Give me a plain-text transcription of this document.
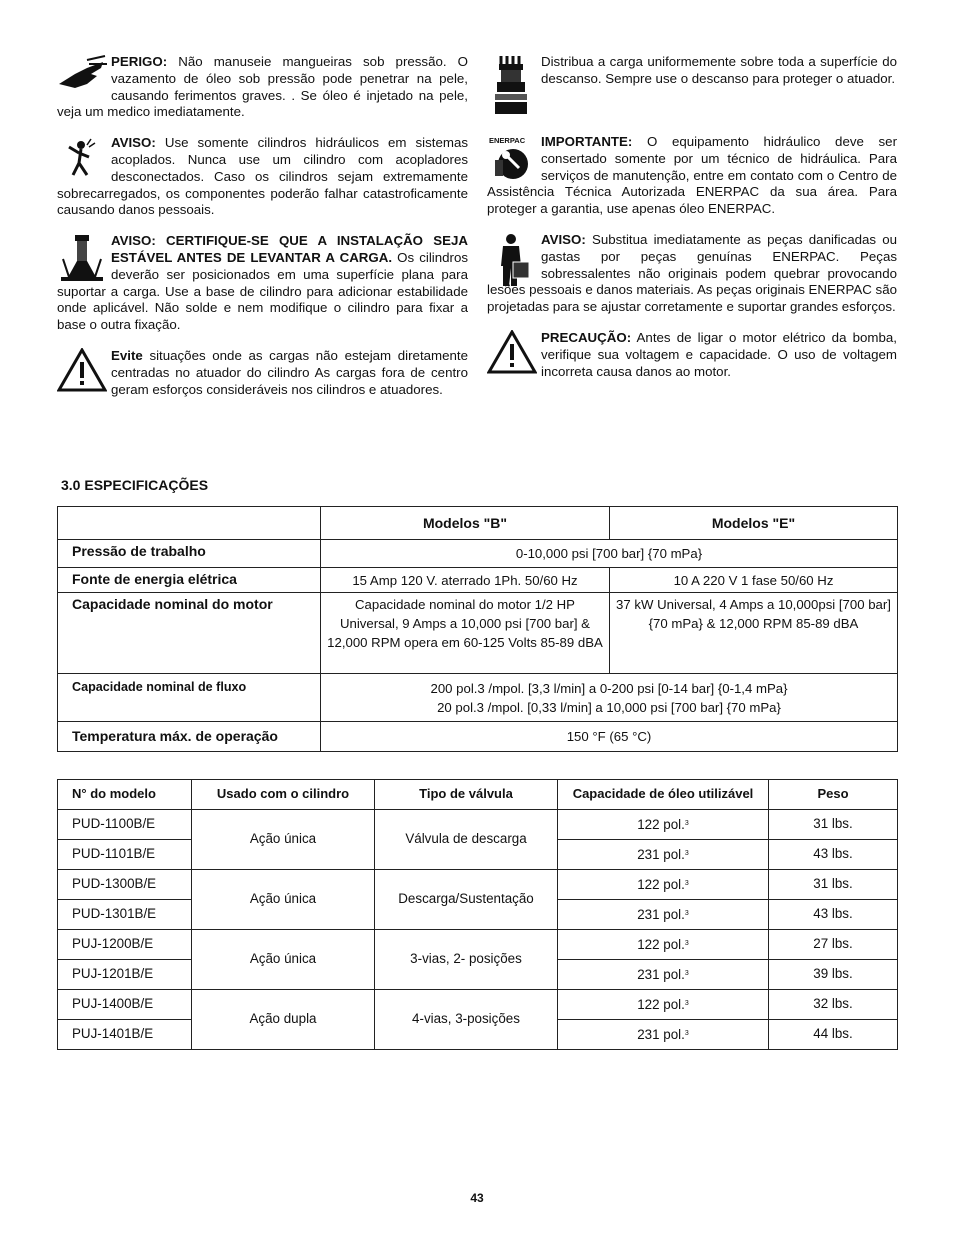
PERIGO: Não manuseie mangueiras sob pressão. O vazamento de óleo sob pressão pode penetrar na pele, causando ferimentos graves. . Se óleo é injetado na pele, veja um medico imediatamente.
AVISO: Use somente cilindros hidráulicos em sistemas acoplados. Nunca use um cilindro com acopladores desconectados. Caso os cilindros sejam extremamente sobrecarregados, os componentes poderão falhar catastroficamente causando danos pessoais.
AVISO: CERTIFIQUE-SE QUE A INSTALAÇÃO SEJA ESTÁVEL ANTES DE LEVANTAR A CARGA. Os cilindros deverão ser posicionados em uma superfície plana para suportar a carga. Use a base de cilindro para adicionar estabilidade onde aplicável. Não solde e nem modifique o cilindro para fixar a base o outra fixação.
Evite situações onde as cargas não estejam diretamente centradas no atuador do cilindro As cargas fora de centro geram esforços consideráveis nos cilindros e atuadores.
Distribua a carga uniformemente sobre toda a superfície do descanso. Sempre use o descanso para proteger o atuador.
ENERPAC IMPORTANTE: O equipamento hidráulico deve ser consertado somente por um técnico de hidráulica. Para serviços de manutenção, entre em contato com o Centro de Assistência Técnica Autorizada ENERPAC da sua área. Para proteger a garantia, use apenas óleo ENERPAC.
AVISO: Substitua imediatamente as peças danificadas ou gastas por peças genuínas ENERPAC. Peças sobressalentes não originais podem quebrar provocando lesões pessoais e danos materiais. As peças originais ENERPAC são projetadas para se ajustar corretamente e suportar grandes esforços.
PRECAUÇÃO: Antes de ligar o motor elétrico da bomba, verifique sua voltagem e capacidade. O uso de voltagem incorreta causa danos ao motor.
3.0 ESPECIFICAÇÕES
	Modelos "B"	Modelos "E"
Pressão de trabalho	0-10,000 psi [700 bar] {70 mPa}	
Fonte de energia elétrica	15 Amp 120 V. aterrado 1Ph. 50/60 Hz	10 A 220 V 1 fase 50/60 Hz
Capacidade nominal do motor	Capacidade nominal do motor 1/2 HP Universal, 9 Amps a 10,000 psi [700 bar] & 12,000 RPM opera em 60-125 Volts 85-89 dBA	37 kW Universal, 4 Amps a 10,000psi [700 bar] {70 mPa} & 12,000 RPM 85-89 dBA
Capacidade nominal de fluxo	200 pol.3 /mpol. [3,3 l/min] a 0-200 psi [0-14 bar] {0-1,4 mPa}
20 pol.3 /mpol. [0,33 l/min] a 10,000 psi [700 bar] {70 mPa}	

Temperatura máx. de operação	150 °F (65 °C)	
N° do modelo	Usado com o cilindro	Tipo de válvula	Capacidade de óleo utilizável	Peso
PUD-1100B/E	Ação única	Válvula de descarga	122 pol.$^3$	31 lbs.
PUD-1101B/E			231 pol.$^3$	43 lbs.
PUD-1300B/E	Ação única	Descarga/Sustentação	122 pol.$^3$	31 lbs.
PUD-1301B/E			231 pol.$^3$	43 lbs.
PUJ-1200B/E	Ação única	3-vias, 2- posições	122 pol.$^3$	27 lbs.
PUJ-1201B/E			231 pol.$^3$	39 lbs.
PUJ-1400B/E	Ação dupla	4-vias, 3-posições	122 pol.$^3$	32 lbs.
PUJ-1401B/E			231 pol.$^3$	44 lbs.
43
